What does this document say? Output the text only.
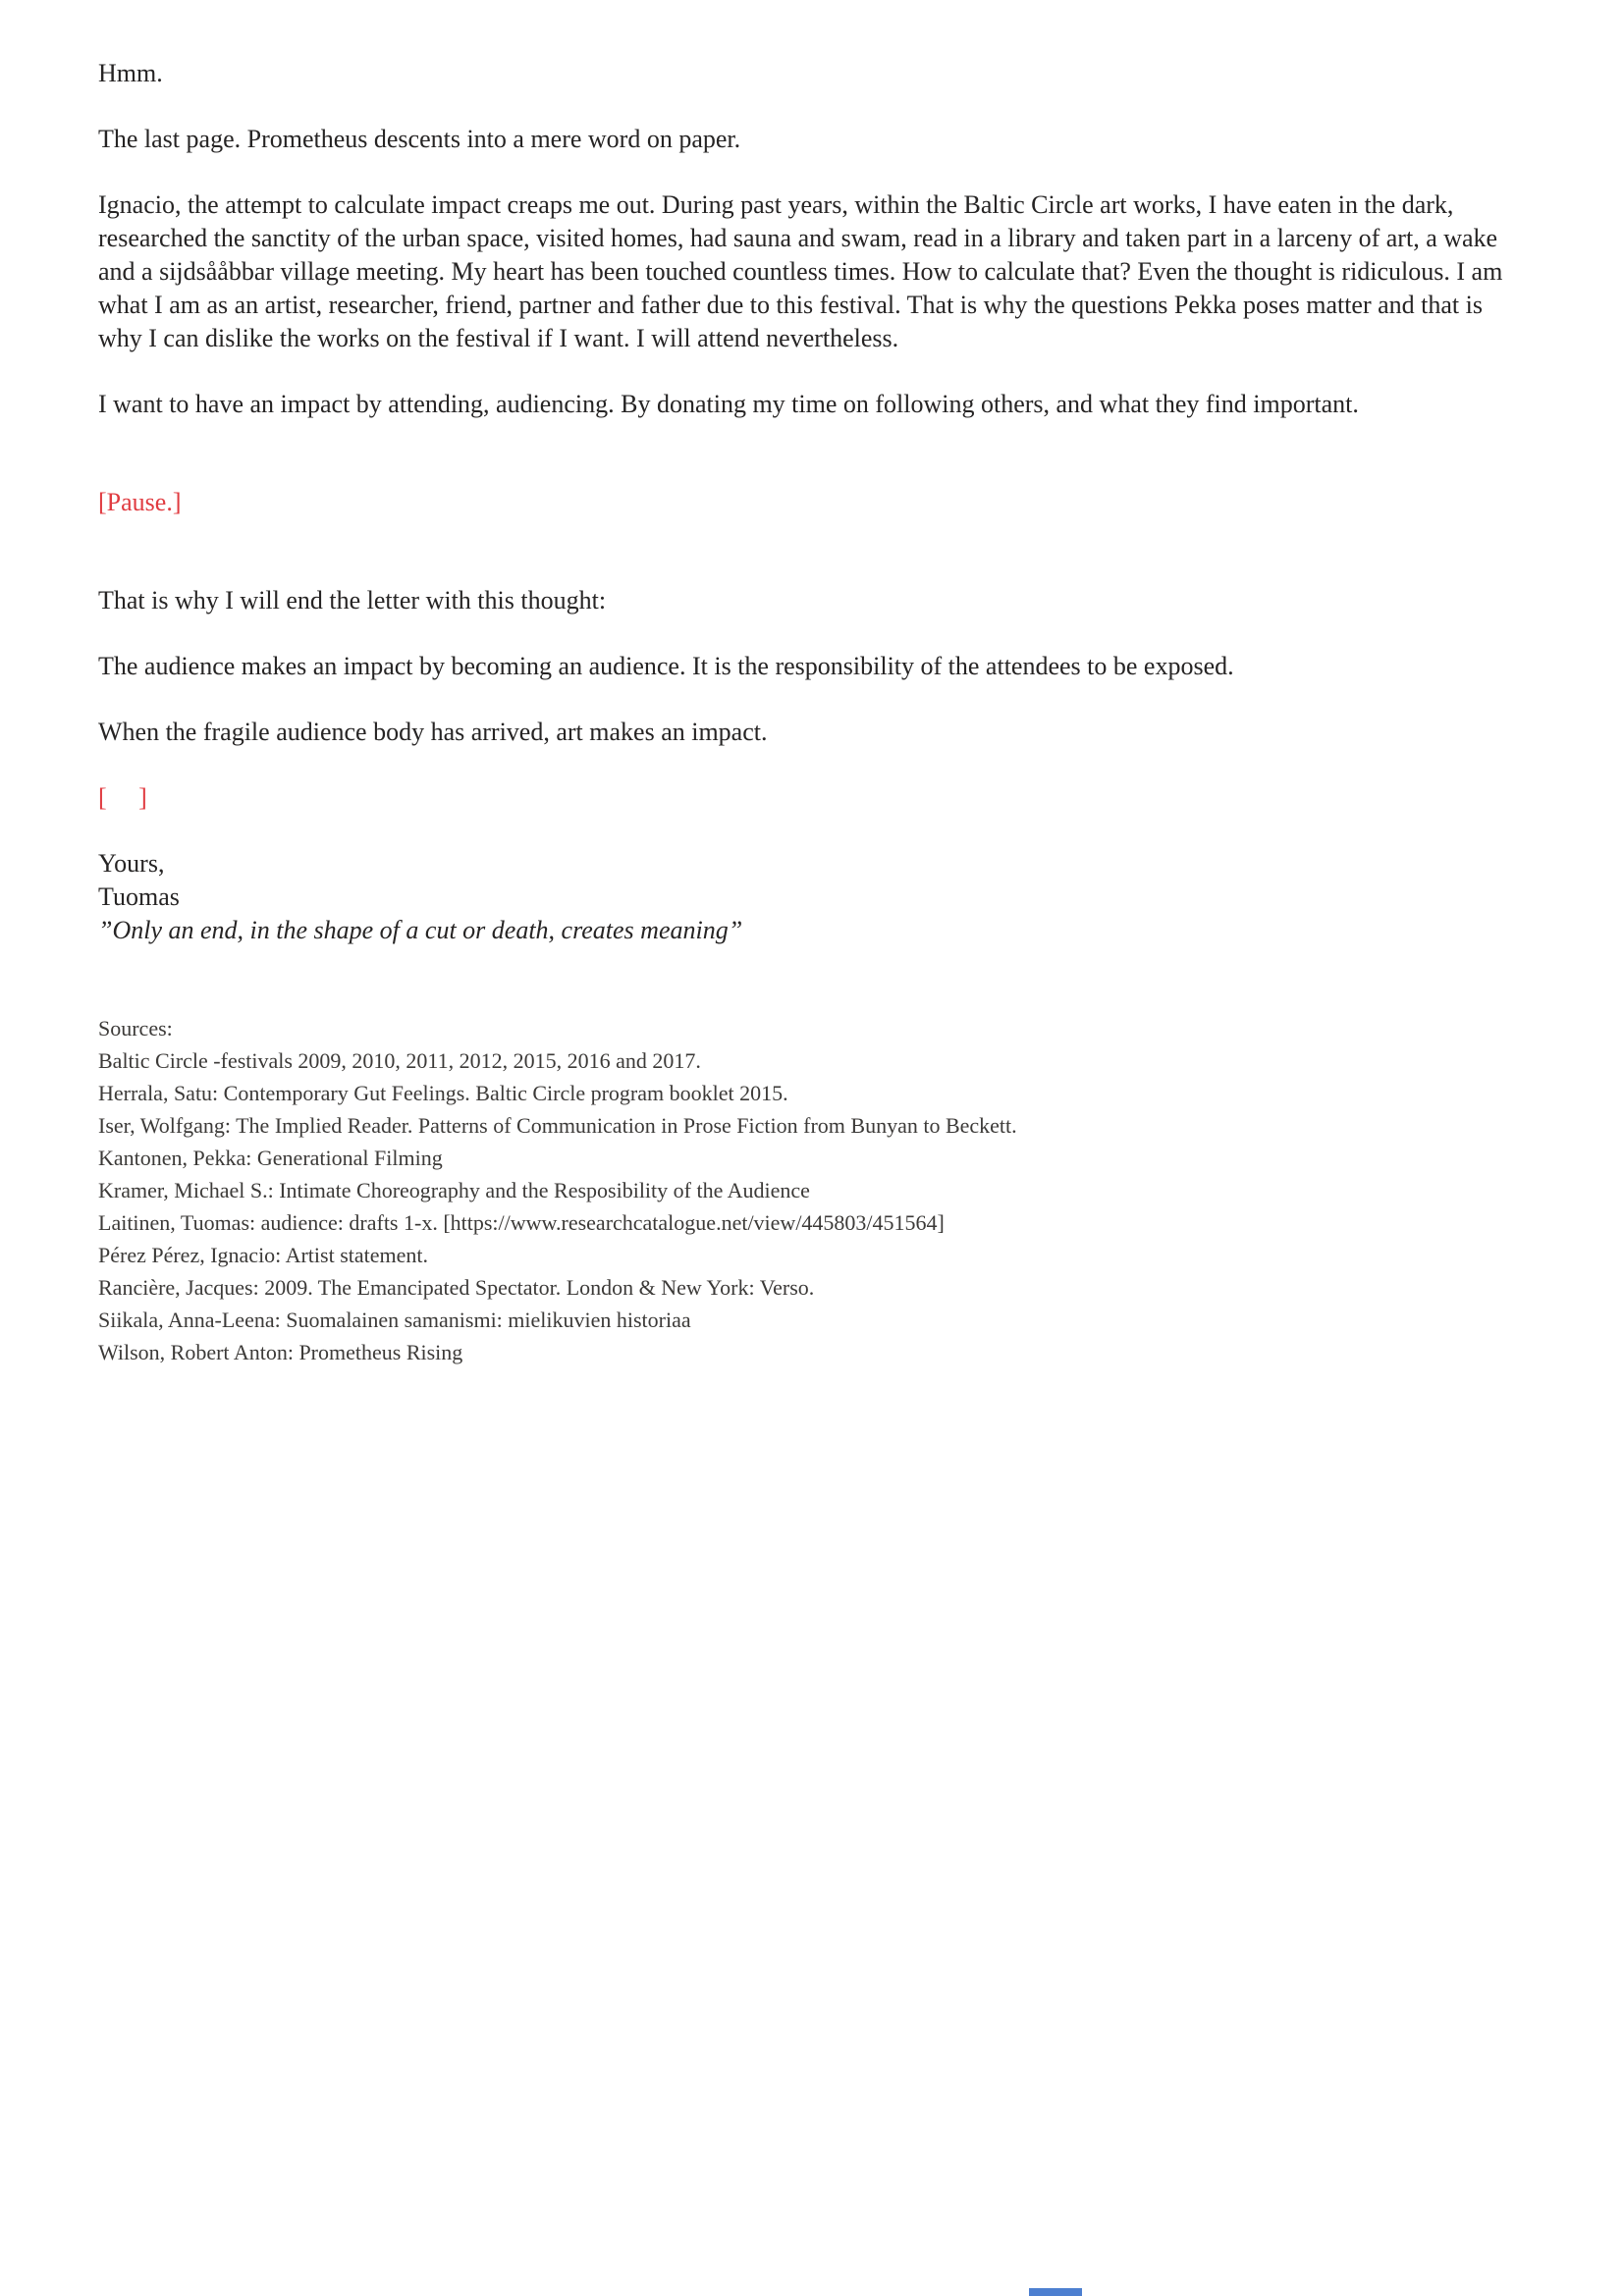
Hmm.

The last page. Prometheus descents into a mere word on paper.

Ignacio, the attempt to calculate impact creaps me out. During past years, within the Baltic Circle art works, I have eaten in the dark, researched the sanctity of the urban space, visited homes, had sauna and swam, read in a library and taken part in a larceny of art, a wake and a sijdsååbbar village meeting. My heart has been touched countless times. How to calculate that? Even the thought is ridiculous. I am what I am as an artist, researcher, friend, partner and father due to this festival. That is why the questions Pekka poses matter and that is why I can dislike the works on the festival if I want. I will attend nevertheless.

I want to have an impact by attending, audiencing. By donating my time on following others, and what they find important.

[Pause.]

That is why I will end the letter with this thought:

The audience makes an impact by becoming an audience. It is the responsibility of the attendees to be exposed.

When the fragile audience body has arrived, art makes an impact.

[     ]

Yours,

Tuomas

”Only an end, in the shape of a cut or death, creates meaning”

Sources:

Baltic Circle -festivals 2009, 2010, 2011, 2012, 2015, 2016 and 2017.

Herrala, Satu: Contemporary Gut Feelings. Baltic Circle program booklet 2015.

Iser, Wolfgang: The Implied Reader. Patterns of Communication in Prose Fiction from Bunyan to Beckett.

Kantonen, Pekka: Generational Filming

Kramer, Michael S.: Intimate Choreography and the Resposibility of the Audience

Laitinen, Tuomas: audience: drafts 1-x. [https://www.researchcatalogue.net/view/445803/451564]

Pérez Pérez, Ignacio: Artist statement.

Rancière, Jacques: 2009. The Emancipated Spectator. London & New York: Verso.

Siikala, Anna-Leena: Suomalainen samanismi: mielikuvien historiaa

Wilson, Robert Anton: Prometheus Rising
